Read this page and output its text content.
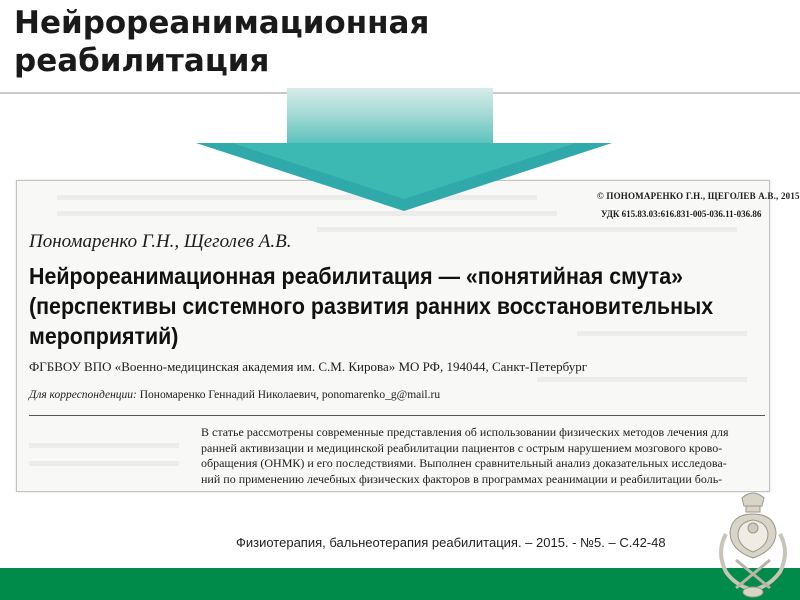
Нейрореанимационная реабилитация
© ПОНОМАРЕНКО Г.Н., ЩЕГОЛЕВ А.В., 2015
УДК 615.83.03:616.831-005-036.11-036.86
Пономаренко Г.Н., Щеголев А.В.
Нейрореанимационная реабилитация — «понятийная смута» (перспективы системного развития ранних восстановительных мероприятий)
ФГБВОУ ВПО «Военно-медицинская академия им. С.М. Кирова» МО РФ, 194044, Санкт-Петербург
Для корреспонденции: Пономаренко Геннадий Николаевич, ponomarenko_g@mail.ru
В статье рассмотрены современные представления об использовании физических методов лечения для
ранней активизации и медицинской реабилитации пациентов с острым нарушением мозгового крово-
обращения (ОНМК) и его последствиями. Выполнен сравнительный анализ доказательных исследова-
ний по применению лечебных физических факторов в программах реанимации и реабилитации боль-

Физиотерапия, бальнеотерапия реабилитация. – 2015. - №5. – С.42-48
